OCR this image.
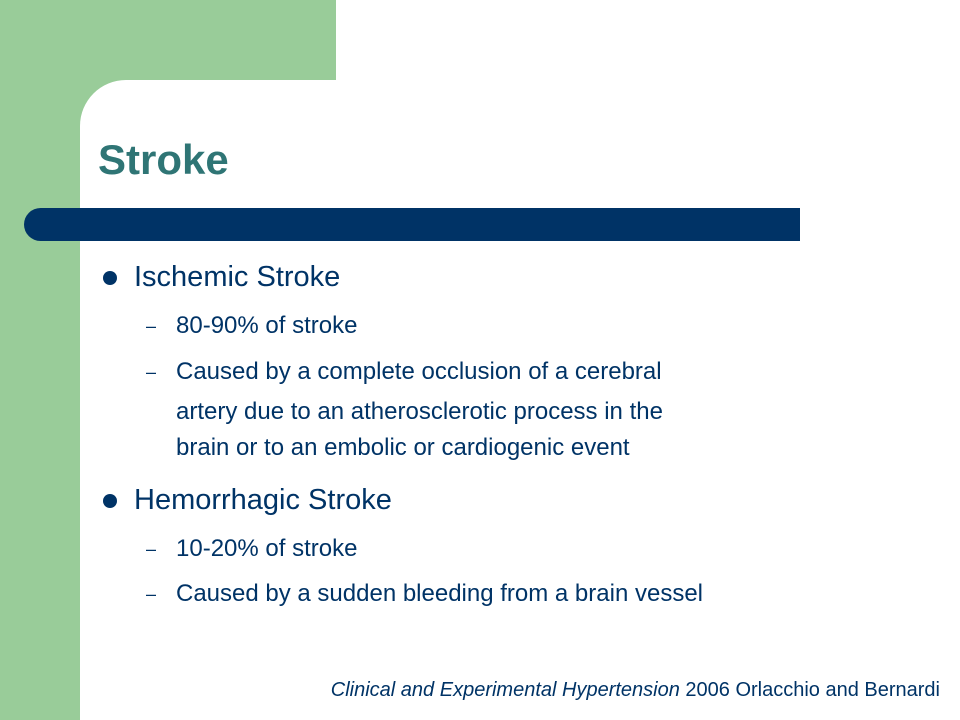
Stroke
Ischemic Stroke
– 80-90% of stroke
– Caused by a complete occlusion of a cerebral
artery due to an atherosclerotic process in the
brain or to an embolic or cardiogenic event
Hemorrhagic Stroke
– 10-20% of stroke
– Caused by a sudden bleeding from a brain vessel
Clinical and Experimental Hypertension 2006 Orlacchio and Bernardi
